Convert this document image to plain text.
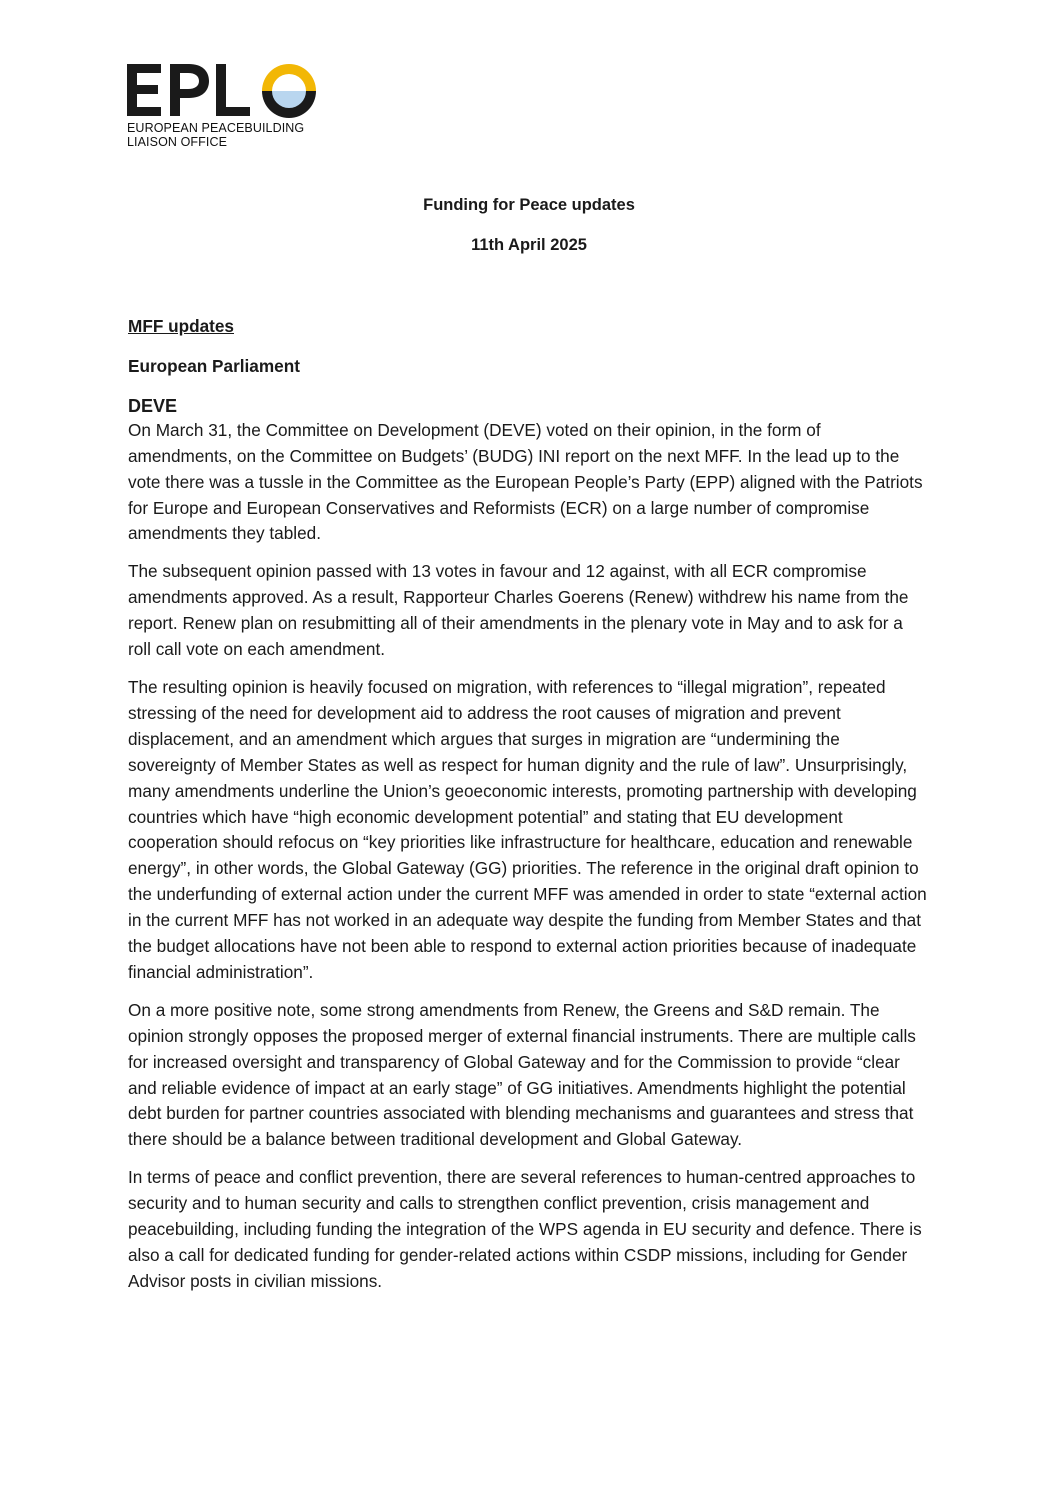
EUROPEAN PEACEBUILDING
LIAISON OFFICE
Funding for Peace updates
11th April 2025
MFF updates
European Parliament
DEVE

On March 31, the Committee on Development (DEVE) voted on their opinion, in the form of amendments, on the Committee on Budgets’ (BUDG) INI report on the next MFF. In the lead up to the vote there was a tussle in the Committee as the European People’s Party (EPP) aligned with the Patriots for Europe and European Conservatives and Reformists (ECR) on a large number of compromise amendments they tabled.

The subsequent opinion passed with 13 votes in favour and 12 against, with all ECR compromise amendments approved. As a result, Rapporteur Charles Goerens (Renew) withdrew his name from the report. Renew plan on resubmitting all of their amendments in the plenary vote in May and to ask for a roll call vote on each amendment.

The resulting opinion is heavily focused on migration, with references to “illegal migration”, repeated stressing of the need for development aid to address the root causes of migration and prevent displacement, and an amendment which argues that surges in migration are “undermining the sovereignty of Member States as well as respect for human dignity and the rule of law”. Unsurprisingly, many amendments underline the Union’s geoeconomic interests, promoting partnership with developing countries which have “high economic development potential” and stating that EU development cooperation should refocus on “key priorities like infrastructure for healthcare, education and renewable energy”, in other words, the Global Gateway (GG) priorities. The reference in the original draft opinion to the underfunding of external action under the current MFF was amended in order to state “external action in the current MFF has not worked in an adequate way despite the funding from Member States and that the budget allocations have not been able to respond to external action priorities because of inadequate financial administration”.

On a more positive note, some strong amendments from Renew, the Greens and S&D remain. The opinion strongly opposes the proposed merger of external financial instruments. There are multiple calls for increased oversight and transparency of Global Gateway and for the Commission to provide “clear and reliable evidence of impact at an early stage” of GG initiatives. Amendments highlight the potential debt burden for partner countries associated with blending mechanisms and guarantees and stress that there should be a balance between traditional development and Global Gateway.

In terms of peace and conflict prevention, there are several references to human-centred approaches to security and to human security and calls to strengthen conflict prevention, crisis management and peacebuilding, including funding the integration of the WPS agenda in EU security and defence. There is also a call for dedicated funding for gender-related actions within CSDP missions, including for Gender Advisor posts in civilian missions.
